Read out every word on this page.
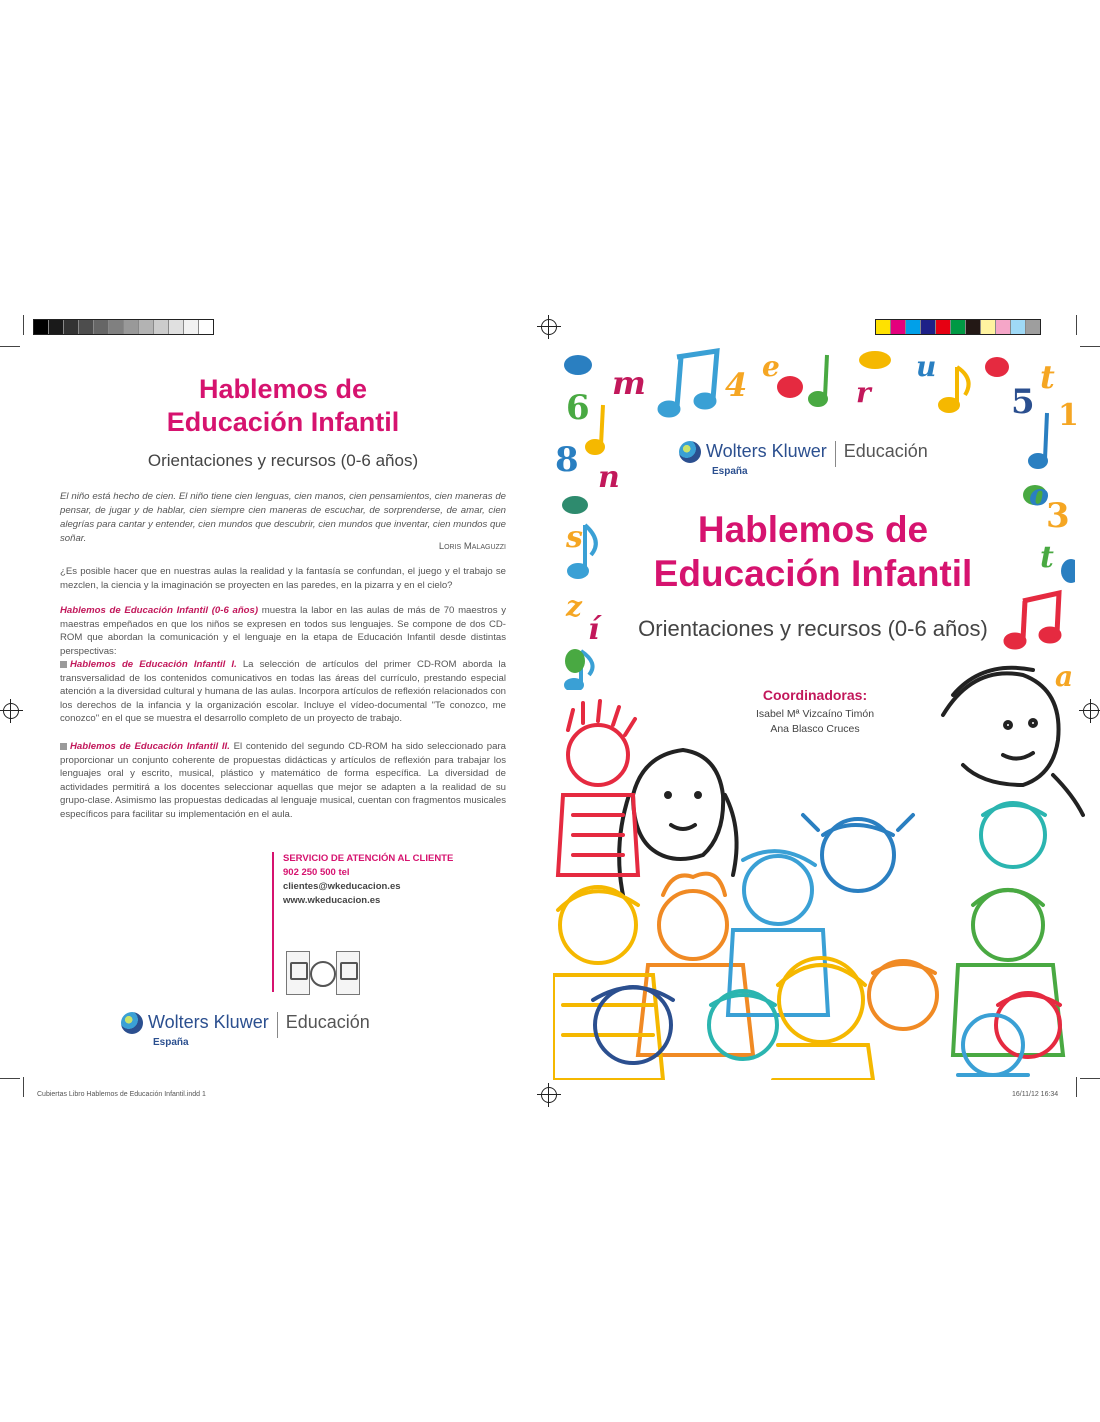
Hablemos de
Educación Infantil
Orientaciones y recursos (0-6 años)
El niño está hecho de cien. El niño tiene cien lenguas, cien manos, cien pensamientos, cien maneras de pensar, de jugar y de hablar, cien siempre cien maneras de escuchar, de sorprenderse, de amar, cien alegrías para cantar y entender, cien mundos que descubrir, cien mundos que inventar, cien mundos que soñar.
Loris Malaguzzi
¿Es posible hacer que en nuestras aulas la realidad y la fantasía se confundan, el juego y el trabajo se mezclen, la ciencia y la imaginación se proyecten en las paredes, en la pizarra y en el cielo?
Hablemos de Educación Infantil (0-6 años) muestra la labor en las aulas de más de 70 maestros y maestras empeñados en que los niños se expresen en todos sus lenguajes. Se compone de dos CD-ROM que abordan la comunicación y el lenguaje en la etapa de Educación Infantil desde distintas perspectivas:
Hablemos de Educación Infantil I. La selección de artículos del primer CD-ROM aborda la transversalidad de los contenidos comunicativos en todas las áreas del currículo, prestando especial atención a la diversidad cultural y humana de las aulas. Incorpora artículos de reflexión relacionados con los derechos de la infancia y la organización escolar. Incluye el vídeo-documental "Te conozco, me conozco" en el que se muestra el desarrollo completo de un proyecto de trabajo.
Hablemos de Educación Infantil II. El contenido del segundo CD-ROM ha sido seleccionado para proporcionar un conjunto coherente de propuestas didácticas y artículos de reflexión para trabajar los lenguajes oral y escrito, musical, plástico y matemático de forma específica. La diversidad de actividades permitirá a los docentes seleccionar aquellas que mejor se adapten a la realidad de su grupo-clase. Asimismo las propuestas dedicadas al lenguaje musical, cuentan con fragmentos musicales específicos para facilitar su implementación en el aula.
SERVICIO DE ATENCIÓN AL CLIENTE
902 250 500 tel
clientes@wkeducacion.es
www.wkeducacion.es
Wolters Kluwer Educación
España
m 4 e
r
u	t
5 1
6
8 n
o
3
s
t
z
í
a
Wolters Kluwer Educación
España
Hablemos de
Educación Infantil
Orientaciones y recursos (0-6 años)
Coordinadoras:
Isabel Mª Vizcaíno Timón
Ana Blasco Cruces
Cubiertas Libro Hablemos de Educación Infantil.indd 1	16/11/12 16:34
